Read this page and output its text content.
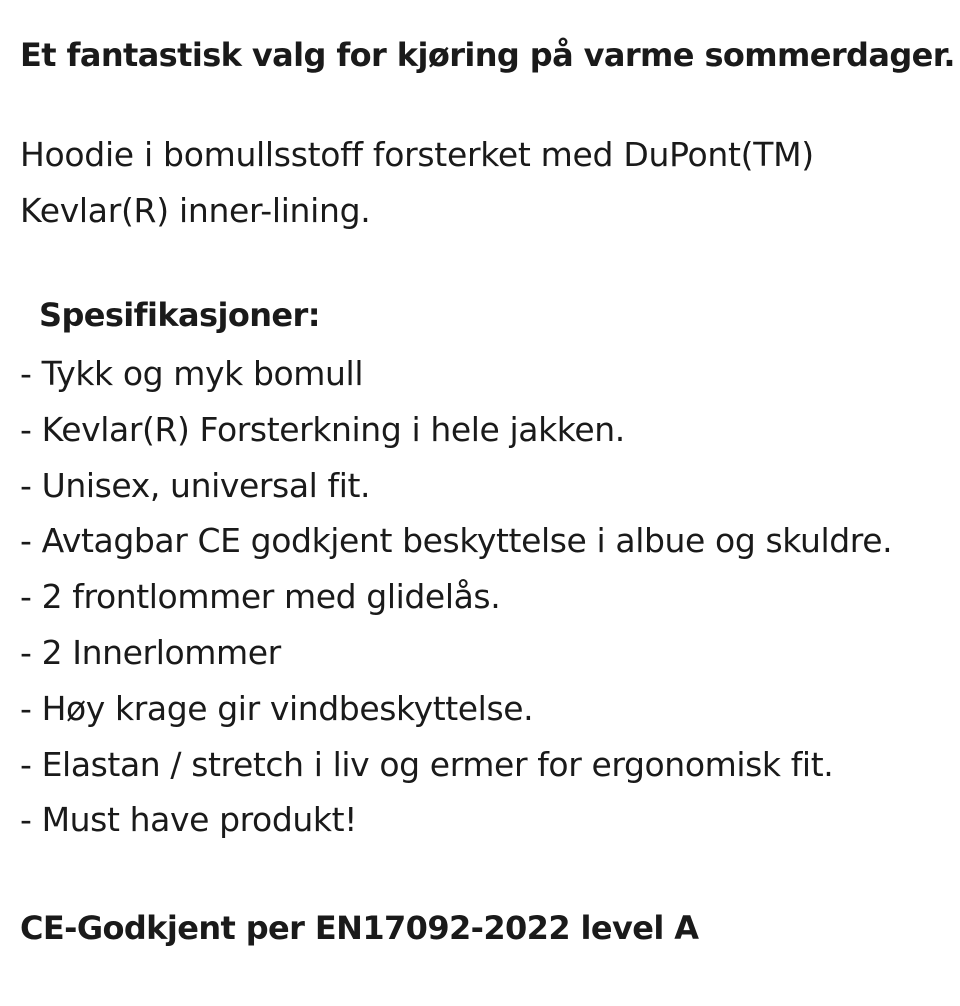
Et fantastisk valg for kjøring på varme sommerdager.

Hoodie i bomullsstoff forsterket med DuPont(TM)
Kevlar(R) inner-lining.
Spesifikasjoner:
- Tykk og myk bomull
- Kevlar(R) Forsterkning i hele jakken.
- Unisex, universal fit.
- Avtagbar CE godkjent beskyttelse i albue og skuldre.
- 2 frontlommer med glidelås.
- 2 Innerlommer
- Høy krage gir vindbeskyttelse.
- Elastan / stretch i liv og ermer for ergonomisk fit.
- Must have produkt!

CE-Godkjent per EN17092-2022 level A
